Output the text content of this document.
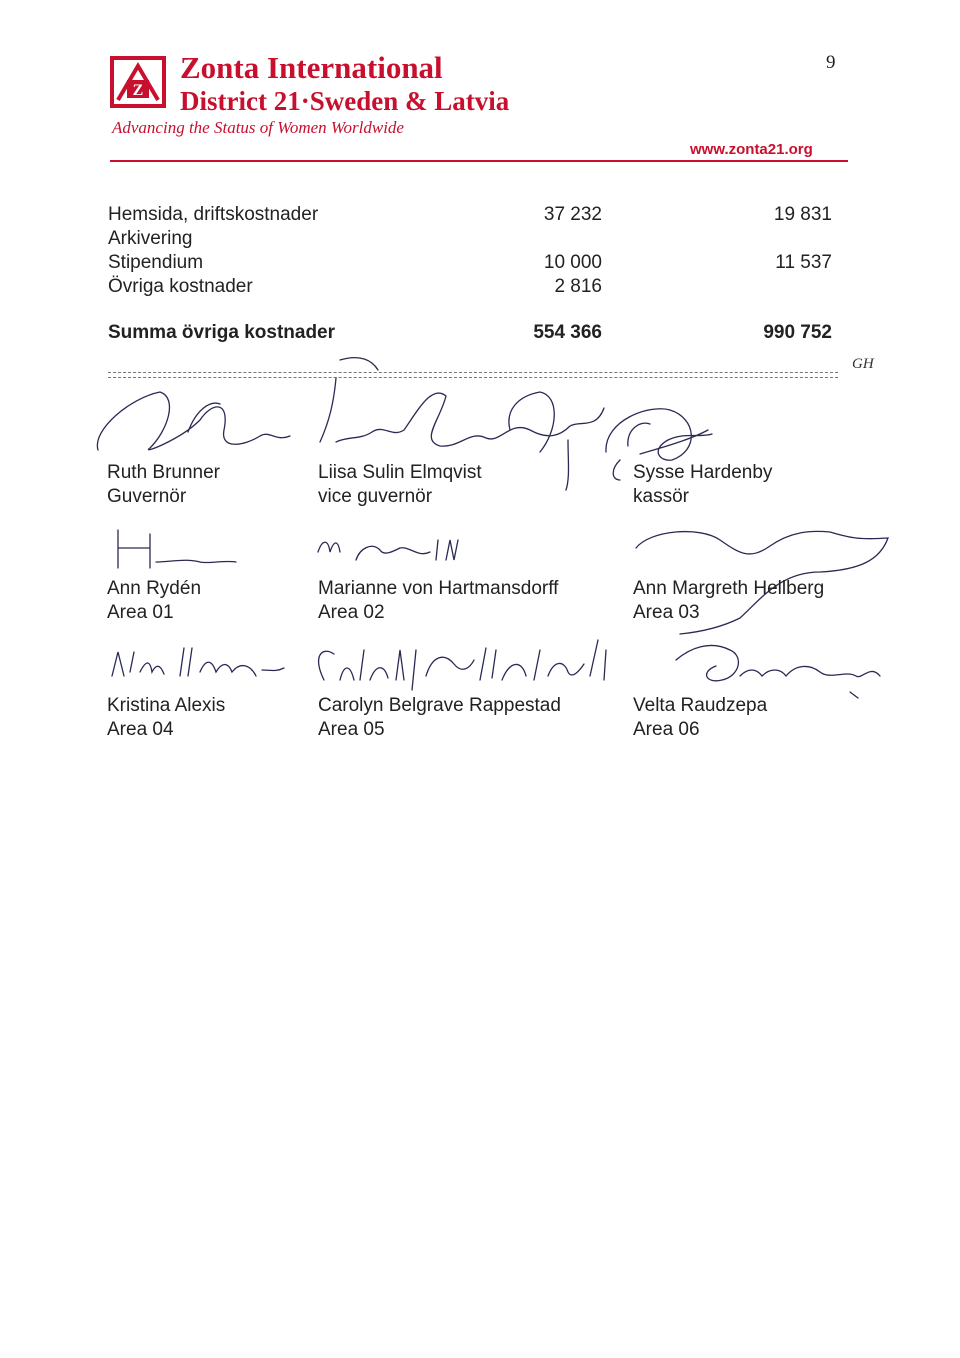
Z
Zonta International
District 21·Sweden & Latvia
Advancing the Status of Women Worldwide
9
www.zonta21.org
Hemsida, driftskostnader	37 232	19 831
Arkivering
Stipendium	10 000	11 537
Övriga kostnader	2 816
Summa övriga kostnader	554 366	990 752
GH
Ruth Brunner
Guvernör
Liisa Sulin Elmqvist
vice guvernör
Sysse Hardenby
kassör
Ann Rydén
Area 01
Marianne von Hartmansdorff
Area 02
Ann Margreth Hellberg
Area 03
Kristina Alexis
Area 04
Carolyn Belgrave Rappestad
Area 05
Velta Raudzepa
Area 06
